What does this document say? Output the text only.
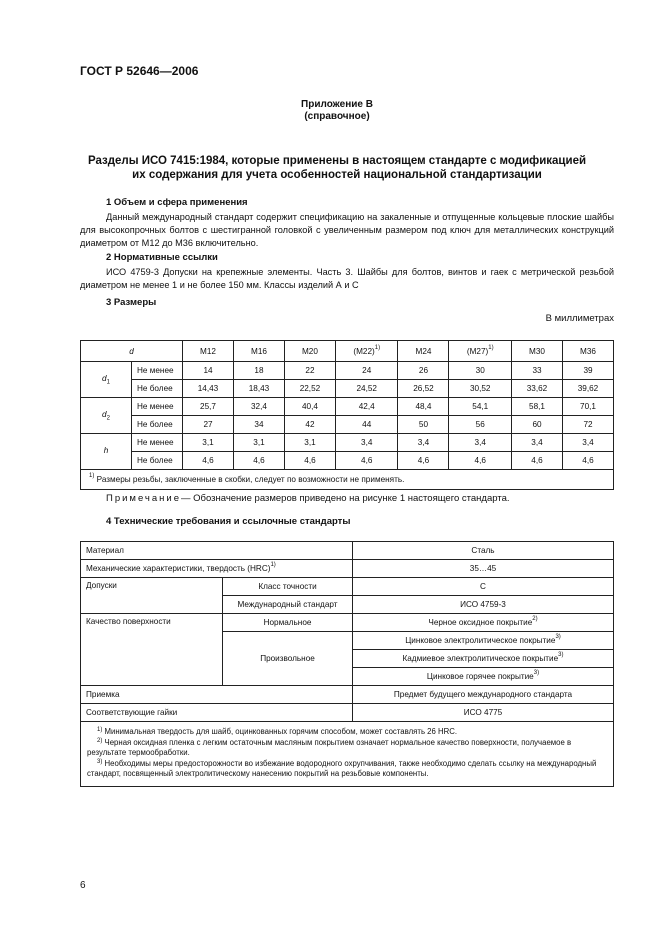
ГОСТ Р 52646—2006
Приложение В
(справочное)
Разделы ИСО 7415:1984, которые применены в настоящем стандарте с модификацией
их содержания для учета особенностей национальной стандартизации
1 Объем и сфера применения
Данный международный стандарт содержит спецификацию на закаленные и отпущенные кольцевые плоские шайбы для высокопрочных болтов с шестигранной головкой с увеличенным размером под ключ для металлических конструкций диаметром от М12 до М36 включительно.
2 Нормативные ссылки
ИСО 4759-3 Допуски на крепежные элементы. Часть 3. Шайбы для болтов, винтов и гаек с метрической резьбой диаметром не менее 1 и не более 150 мм. Классы изделий А и С
3 Размеры
В миллиметрах
d		М12	М16	М20	$(М22)^{1)}$	М24	$(М27)^{1)}$	М30	М36
$d_1$	Не менее	14	18	22	24	26	30	33	39
	Не более	14,43	18,43	22,52	24,52	26,52	30,52	33,62	39,62
$d_2$	Не менее	25,7	32,4	40,4	42,4	48,4	54,1	58,1	70,1
	Не более	27	34	42	44	50	56	60	72
h	Не менее	3,1	3,1	3,1	3,4	3,4	3,4	3,4	3,4
	Не более	4,6	4,6	4,6	4,6	4,6	4,6	4,6	4,6
$^{1)}$ Размеры резьбы, заключенные в скобки, следует по возможности не применять.									
Примечание— Обозначение размеров приведено на рисунке 1 настоящего стандарта.
4 Технические требования и ссылочные стандарты
Материал		Сталь
Механические характеристики, твердость (HRC)$^{1)}$		35…45
Допуски	Класс точности	С
	Международный стандарт	ИСО 4759-3
Качество поверхности	Нормальное	Черное оксидное покрытие$^{2)}$
	Произвольное	Цинковое электролитическое покрытие$^{3)}$
		Кадмиевое электролитическое покрытие$^{3)}$
		Цинковое горячее покрытие$^{3)}$
Приемка		Предмет будущего международного стандарта
Соответствующие гайки		ИСО 4775

$^{1)}$ Минимальная твердость для шайб, оцинкованных горячим способом, может составлять 26 HRC.
$^{2)}$ Черная оксидная пленка с легким остаточным масляным покрытием означает нормальное качество поверхности, получаемое в результате термообработки.
$^{3)}$ Необходимы меры предосторожности во избежание водородного охрупчивания, также необходимо сделать ссылку на международный стандарт, посвященный электролитическому нанесению покрытий на резьбовые компоненты.		
6
